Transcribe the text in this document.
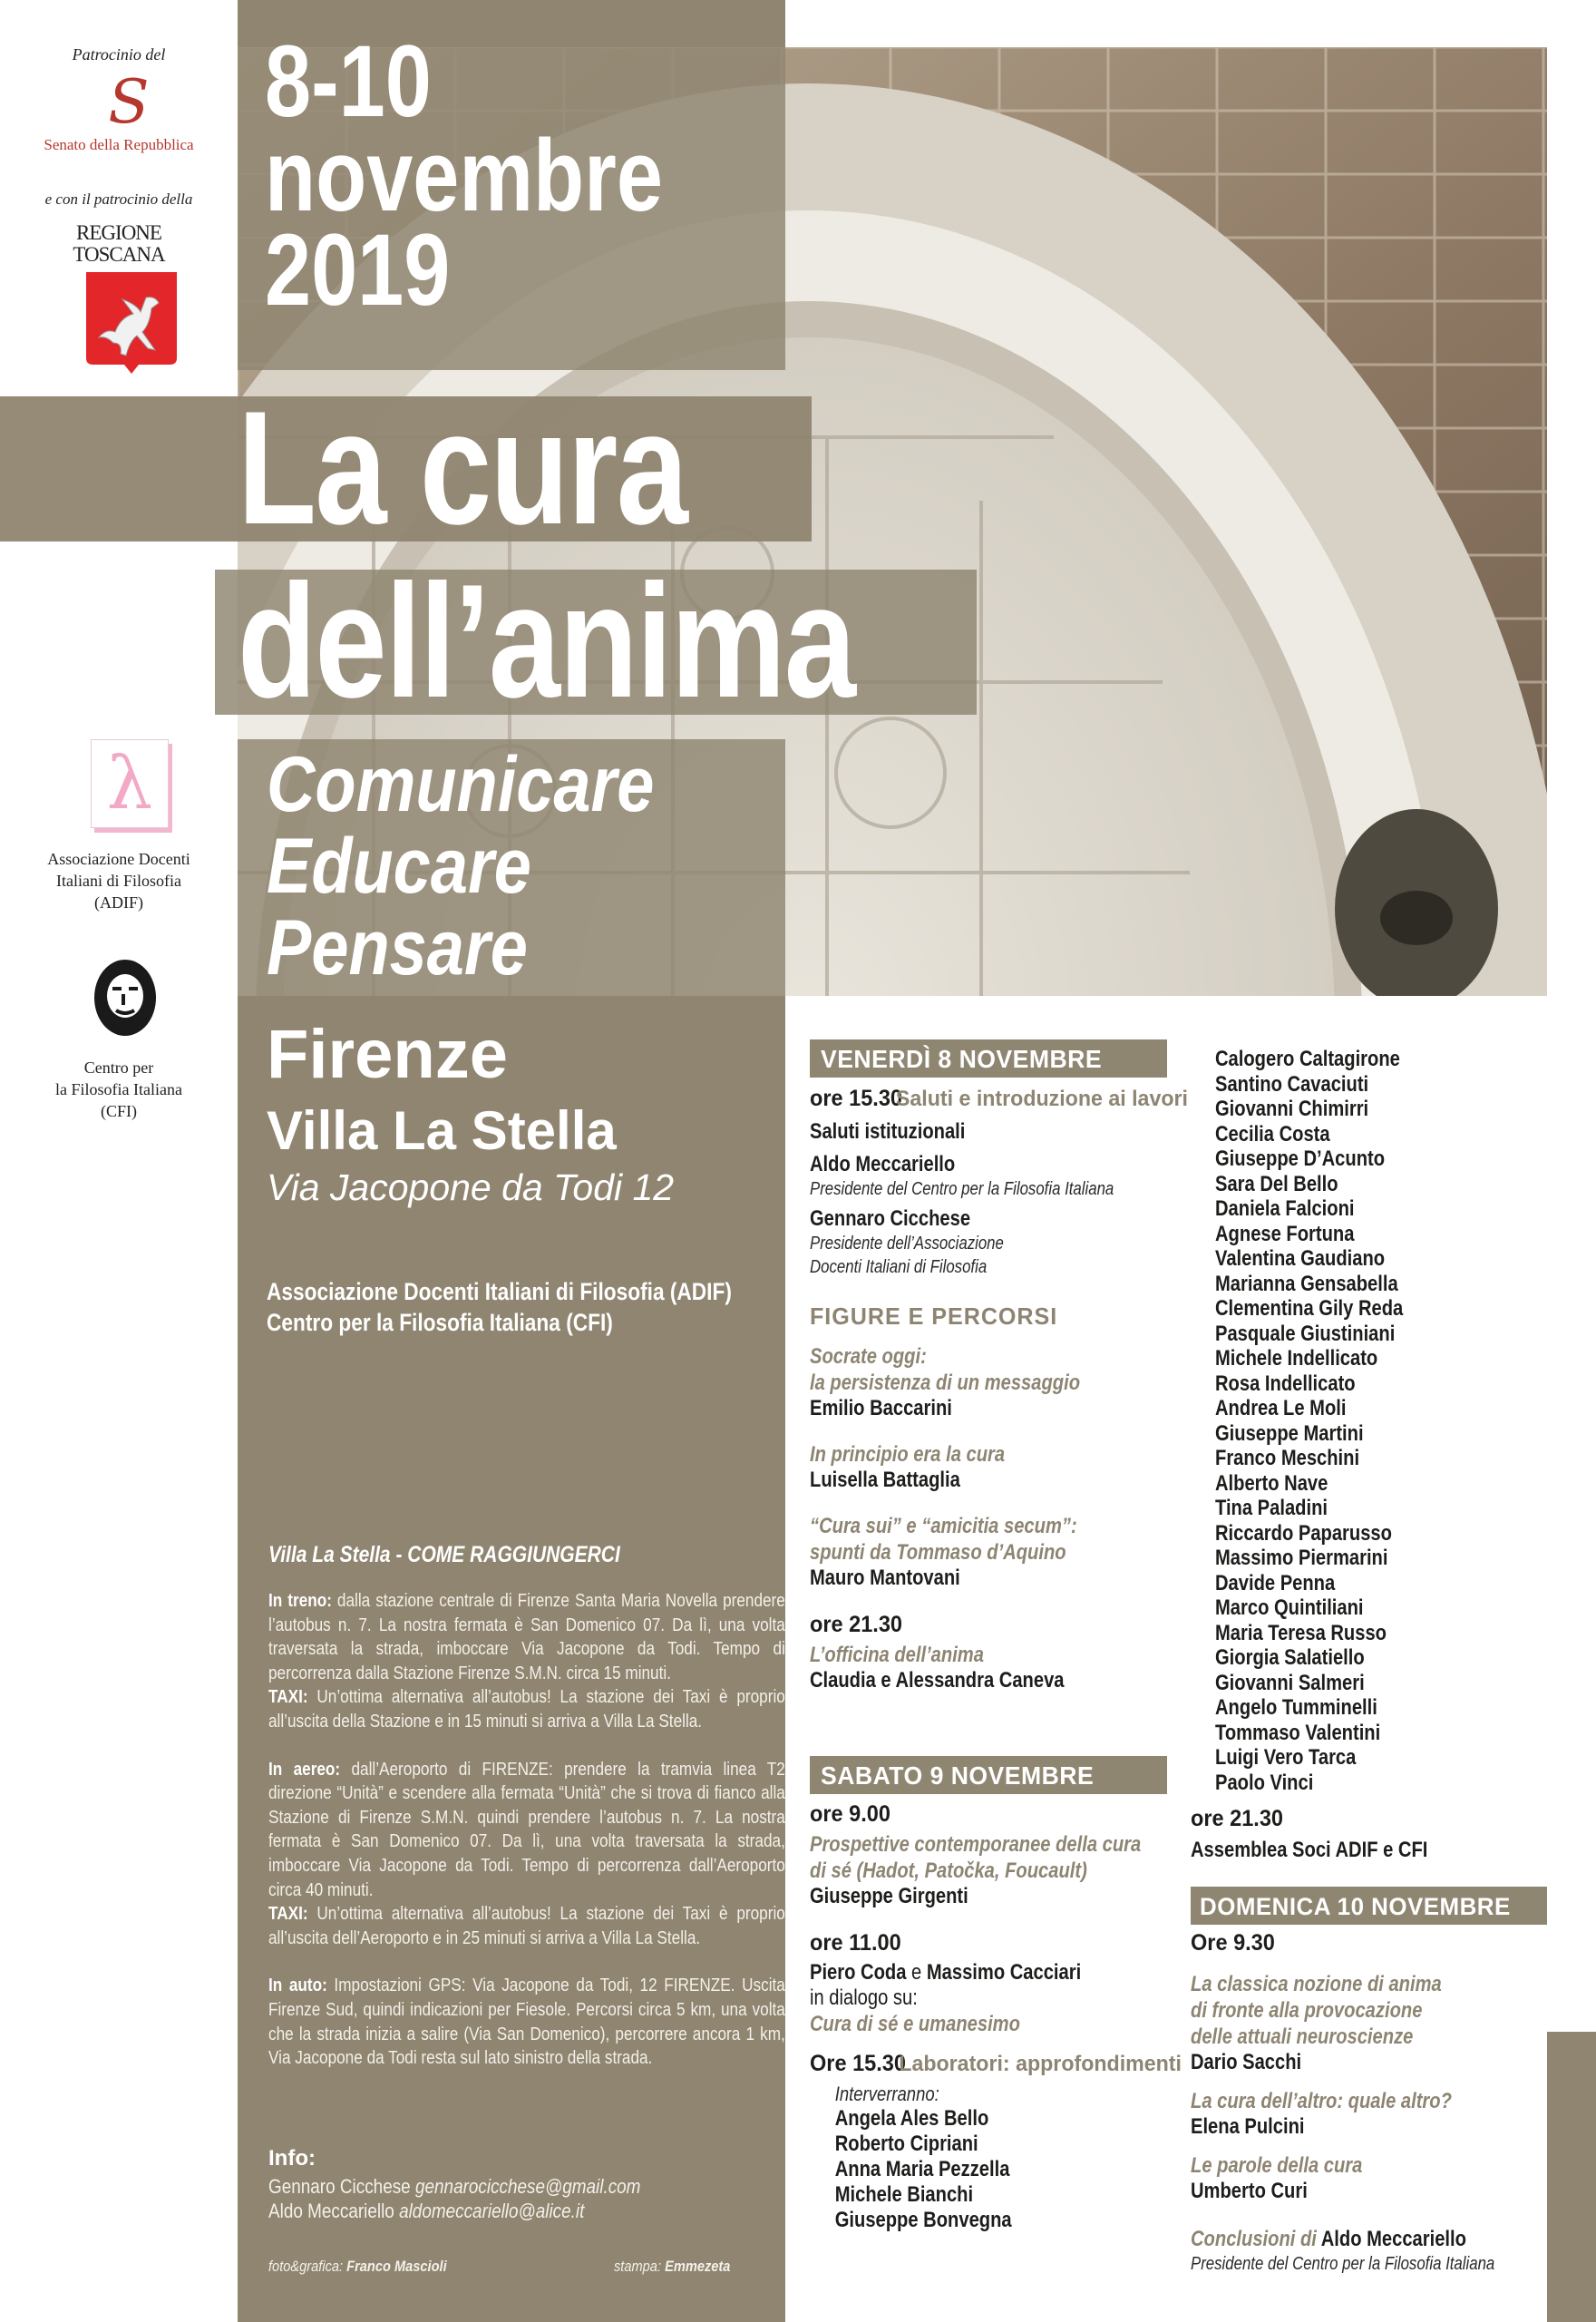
Patrocinio del
S
Senato della Repubblica
e con il patrocinio della
REGIONE
TOSCANA
λ
Associazione Docenti
Italiani di Filosofia
(ADIF)
Centro per
la Filosofia Italiana
(CFI)
8-10
novembre
2019
La cura
dell’anima
Comunicare
Educare
Pensare
Firenze
Villa La Stella
Via Jacopone da Todi 12
Associazione Docenti Italiani di Filosofia (ADIF)
Centro per la Filosofia Italiana (CFI)
Villa La Stella - COME RAGGIUNGERCI

In treno: dalla stazione centrale di Firenze Santa Maria Novella prendere l’autobus n. 7. La nostra fermata è San Domenico 07. Da lì, una volta traversata la strada, imboccare Via Jacopone da Todi. Tempo di percorrenza dalla Stazione Firenze S.M.N. circa 15 minuti.
TAXI: Un’ottima alternativa all’autobus! La stazione dei Taxi è proprio all’uscita della Stazione e in 15 minuti si arriva a Villa La Stella.

In aereo: dall’Aeroporto di FIRENZE: prendere la tramvia linea T2 direzione “Unità” e scendere alla fermata “Unità” che si trova di fianco alla Stazione di Firenze S.M.N. quindi prendere l’autobus n. 7. La nostra fermata è San Domenico 07. Da lì, una volta traversata la strada, imboccare Via Jacopone da Todi. Tempo di percorrenza dall’Aeroporto circa 40 minuti.
TAXI: Un’ottima alternativa all’autobus! La stazione dei Taxi è proprio all’uscita dell’Aeroporto e in 25 minuti si arriva a Villa La Stella.

In auto: Impostazioni GPS: Via Jacopone da Todi, 12 FIRENZE. Uscita Firenze Sud, quindi indicazioni per Fiesole. Percorsi circa 5 km, una volta che la strada inizia a salire (Via San Domenico), percorrere ancora 1 km, Via Jacopone da Todi resta sul lato sinistro della strada.

Info:
Gennaro Cicchese gennarocicchese@gmail.com
Aldo Meccariello aldomeccariello@alice.it
foto&grafica: Franco Mascioli	stampa: Emmezeta
VENERDÌ 8 NOVEMBRE
ore 15.30 Saluti e introduzione ai lavori
Saluti istituzionali
Aldo Meccariello
Presidente del Centro per la Filosofia Italiana
Gennaro Cicchese
Presidente dell’Associazione
Docenti Italiani di Filosofia
FIGURE E PERCORSI
Socrate oggi:
la persistenza di un messaggio
Emilio Baccarini
In principio era la cura
Luisella Battaglia
“Cura sui” e “amicitia secum”:
spunti da Tommaso d’Aquino
Mauro Mantovani
ore 21.30
L’officina dell’anima
Claudia e Alessandra Caneva
SABATO 9 NOVEMBRE
ore 9.00
Prospettive contemporanee della cura
di sé (Hadot, Patočka, Foucault)
Giuseppe Girgenti
ore 11.00
Piero Coda e Massimo Cacciari
in dialogo su:
Cura di sé e umanesimo
Ore 15.30 Laboratori: approfondimenti
Interverranno:
Angela Ales Bello
Roberto Cipriani
Anna Maria Pezzella
Michele Bianchi
Giuseppe Bonvegna
Calogero Caltagirone
Santino Cavaciuti
Giovanni Chimirri
Cecilia Costa
Giuseppe D’Acunto
Sara Del Bello
Daniela Falcioni
Agnese Fortuna
Valentina Gaudiano
Marianna Gensabella
Clementina Gily Reda
Pasquale Giustiniani
Michele Indellicato
Rosa Indellicato
Andrea Le Moli
Giuseppe Martini
Franco Meschini
Alberto Nave
Tina Paladini
Riccardo Paparusso
Massimo Piermarini
Davide Penna
Marco Quintiliani
Maria Teresa Russo
Giorgia Salatiello
Giovanni Salmeri
Angelo Tumminelli
Tommaso Valentini
Luigi Vero Tarca
Paolo Vinci
ore 21.30
Assemblea Soci ADIF e CFI
DOMENICA 10 NOVEMBRE
Ore 9.30
La classica nozione di anima
di fronte alla provocazione
delle attuali neuroscienze
Dario Sacchi
La cura dell’altro: quale altro?
Elena Pulcini
Le parole della cura
Umberto Curi
Conclusioni di Aldo Meccariello
Presidente del Centro per la Filosofia Italiana
